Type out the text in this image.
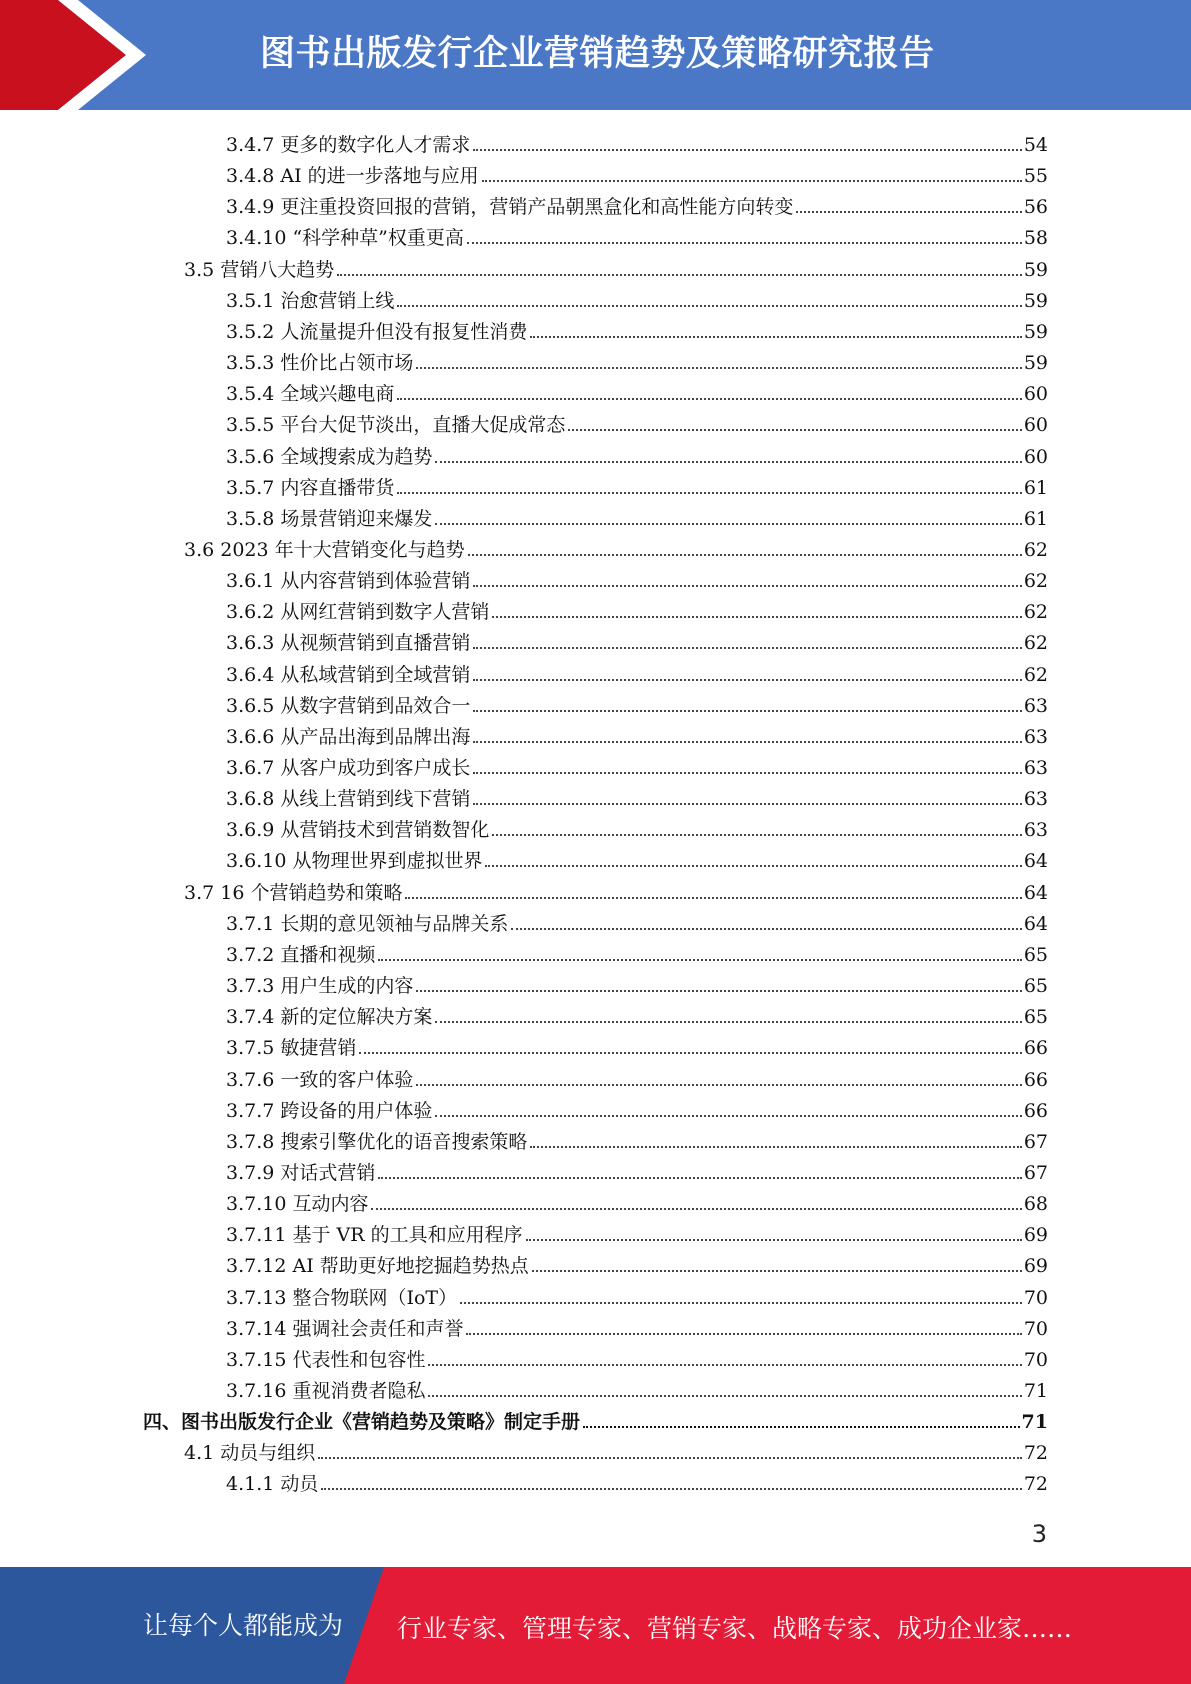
图书出版发行企业营销趋势及策略研究报告
3.4.7 更多的数字化人才需求	54
3.4.8 AI 的进一步落地与应用	55
3.4.9 更注重投资回报的营销，营销产品朝黑盒化和高性能方向转变	56
3.4.10 “科学种草”权重更高	58
3.5 营销八大趋势	59
3.5.1 治愈营销上线	59
3.5.2 人流量提升但没有报复性消费	59
3.5.3 性价比占领市场	59
3.5.4 全域兴趣电商	60
3.5.5 平台大促节淡出，直播大促成常态	60
3.5.6 全域搜索成为趋势	60
3.5.7 内容直播带货	61
3.5.8 场景营销迎来爆发	61
3.6 2023 年十大营销变化与趋势	62
3.6.1 从内容营销到体验营销	62
3.6.2 从网红营销到数字人营销	62
3.6.3 从视频营销到直播营销	62
3.6.4 从私域营销到全域营销	62
3.6.5 从数字营销到品效合一	63
3.6.6 从产品出海到品牌出海	63
3.6.7 从客户成功到客户成长	63
3.6.8 从线上营销到线下营销	63
3.6.9 从营销技术到营销数智化	63
3.6.10 从物理世界到虚拟世界	64
3.7 16 个营销趋势和策略	64
3.7.1 长期的意见领袖与品牌关系	64
3.7.2 直播和视频	65
3.7.3 用户生成的内容	65
3.7.4 新的定位解决方案	65
3.7.5 敏捷营销	66
3.7.6 一致的客户体验	66
3.7.7 跨设备的用户体验	66
3.7.8 搜索引擎优化的语音搜索策略	67
3.7.9 对话式营销	67
3.7.10 互动内容	68
3.7.11 基于 VR 的工具和应用程序	69
3.7.12 AI 帮助更好地挖掘趋势热点	69
3.7.13 整合物联网（IoT）	70
3.7.14 强调社会责任和声誉	70
3.7.15 代表性和包容性	70
3.7.16 重视消费者隐私	71
四、图书出版发行企业《营销趋势及策略》制定手册	71
4.1 动员与组织	72
4.1.1 动员	72
3
让每个人都能成为 行业专家、管理专家、营销专家、战略专家、成功企业家……
